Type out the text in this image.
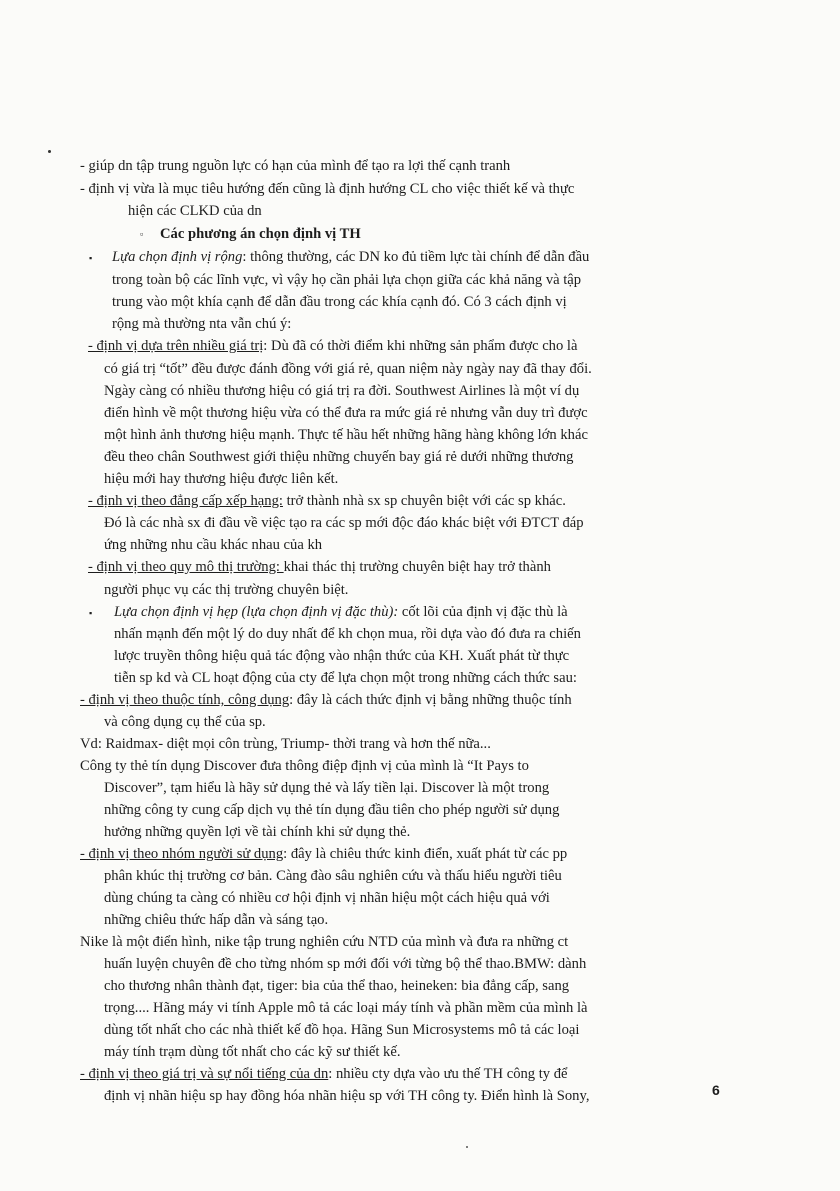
- giúp dn tập trung nguồn lực có hạn của mình để tạo ra lợi thế cạnh tranh
- định vị vừa là mục tiêu hướng đến cũng là định hướng CL cho việc thiết kế và thực
hiện các CLKD của dn
▫ Các phương án chọn định vị TH
▪ Lựa chọn định vị rộng: thông thường, các DN ko đủ tiềm lực tài chính để dẫn đầu
trong toàn bộ các lĩnh vực, vì vậy họ cần phải lựa chọn giữa các khả năng và tập
trung vào một khía cạnh để dẫn đầu trong các khía cạnh đó. Có 3 cách định vị
rộng mà thường nta vẫn chú ý:
- định vị dựa trên nhiều giá trị: Dù đã có thời điểm khi những sản phẩm được cho là
có giá trị “tốt” đều được đánh đồng với giá rẻ, quan niệm này ngày nay đã thay đổi.
Ngày càng có nhiều thương hiệu có giá trị ra đời. Southwest Airlines là một ví dụ
điển hình về một thương hiệu vừa có thể đưa ra mức giá rẻ nhưng vẫn duy trì được
một hình ảnh thương hiệu mạnh. Thực tế hầu hết những hãng hàng không lớn khác
đều theo chân Southwest giới thiệu những chuyến bay giá rẻ dưới những thương
hiệu mới hay thương hiệu được liên kết.
- định vị theo đẳng cấp xếp hạng: trở thành nhà sx sp chuyên biệt với các sp khác.
Đó là các nhà sx đi đầu về việc tạo ra các sp mới độc đáo khác biệt với ĐTCT đáp
ứng những nhu cầu khác nhau của kh
- định vị theo quy mô thị trường: khai thác thị trường chuyên biệt hay trở thành
người phục vụ các thị trường chuyên biệt.
▪ Lựa chọn định vị hẹp (lựa chọn định vị đặc thù): cốt lõi của định vị đặc thù là
nhấn mạnh đến một lý do duy nhất để kh chọn mua, rồi dựa vào đó đưa ra chiến
lược truyền thông hiệu quả tác động vào nhận thức của KH. Xuất phát từ thực
tiễn sp kd và CL hoạt động của cty để lựa chọn một trong những cách thức sau:
- định vị theo thuộc tính, công dụng: đây là cách thức định vị bằng những thuộc tính
và công dụng cụ thể của sp.
Vd: Raidmax- diệt mọi côn trùng, Triump- thời trang và hơn thế nữa...
Công ty thẻ tín dụng Discover đưa thông điệp định vị của mình là “It Pays to
Discover”, tạm hiểu là hãy sử dụng thẻ và lấy tiền lại. Discover là một trong
những công ty cung cấp dịch vụ thẻ tín dụng đầu tiên cho phép người sử dụng
hưởng những quyền lợi về tài chính khi sử dụng thẻ.
- định vị theo nhóm người sử dụng: đây là chiêu thức kinh điển, xuất phát từ các pp
phân khúc thị trường cơ bản. Càng đào sâu nghiên cứu và thấu hiểu người tiêu
dùng chúng ta càng có nhiều cơ hội định vị nhãn hiệu một cách hiệu quả với
những chiêu thức hấp dẫn và sáng tạo.
Nike là một điển hình, nike tập trung nghiên cứu NTD của mình và đưa ra những ct
huấn luyện chuyên đề cho từng nhóm sp mới đối với từng bộ thể thao.BMW: dành
cho thương nhân thành đạt, tiger: bia của thể thao, heineken: bia đẳng cấp, sang
trọng.... Hãng máy vi tính Apple mô tả các loại máy tính và phần mềm của mình là
dùng tốt nhất cho các nhà thiết kế đồ họa. Hãng Sun Microsystems mô tả các loại
máy tính trạm dùng tốt nhất cho các kỹ sư thiết kế.
- định vị theo giá trị và sự nổi tiếng của dn: nhiều cty dựa vào ưu thế TH công ty để
định vị nhãn hiệu sp hay đồng hóa nhãn hiệu sp với TH công ty. Điển hình là Sony,	6
